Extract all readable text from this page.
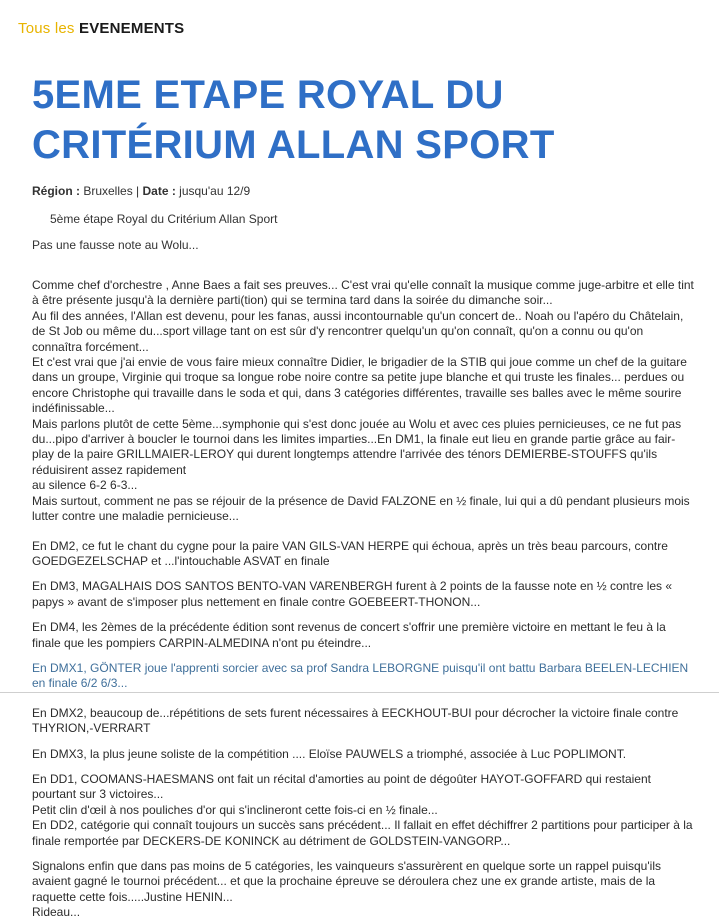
Tous les EVENEMENTS
5EME ETAPE ROYAL DU CRITÉRIUM ALLAN SPORT
Région : Bruxelles | Date : jusqu'au 12/9
5ème étape Royal du Critérium Allan Sport
Pas une fausse note au Wolu...

Comme chef d'orchestre , Anne Baes a fait ses preuves... C'est vrai qu'elle connaît la musique comme juge-arbitre et elle tint à être présente jusqu'à la dernière parti(tion) qui se termina tard dans la soirée du dimanche soir...

Au fil des années, l'Allan est devenu, pour les fanas, aussi incontournable qu'un concert de.. Noah ou l'apéro du Châtelain, de St Job ou même du...sport village tant on est sûr d'y rencontrer quelqu'un qu'on connaît, qu'on a connu ou qu'on connaîtra forcément...

Et c'est vrai que j'ai envie de vous faire mieux connaître Didier, le brigadier de la STIB qui joue comme un chef de la guitare dans un groupe, Virginie qui troque sa longue robe noire contre sa petite jupe blanche et qui truste les finales... perdues ou encore Christophe qui travaille dans le soda et qui, dans 3 catégories différentes, travaille ses balles avec le même sourire indéfinissable...

Mais parlons plutôt de cette 5ème...symphonie qui s'est donc jouée au Wolu et avec ces pluies pernicieuses, ce ne fut pas du...pipo d'arriver à boucler le tournoi dans les limites imparties...En DM1, la finale eut lieu en grande partie grâce au fair-play de la paire GRILLMAIER-LEROY qui durent longtemps attendre l'arrivée des ténors DEMIERBE-STOUFFS qu'ils réduisirent assez rapidement

au silence 6-2 6-3...

Mais surtout, comment ne pas se réjouir de la présence de David FALZONE en ½ finale, lui qui a dû pendant plusieurs mois lutter contre une maladie pernicieuse...

En DM2, ce fut le chant du cygne pour la paire VAN GILS-VAN HERPE qui échoua, après un très beau parcours, contre GOEDGEZELSCHAP et ...l'intouchable ASVAT en finale

En DM3, MAGALHAIS DOS SANTOS BENTO-VAN VARENBERGH furent à 2 points de la fausse note en ½ contre les « papys » avant de s'imposer plus nettement en finale contre GOEBEERT-THONON...

En DM4, les 2èmes de la précédente édition sont revenus de concert s'offrir une première victoire en mettant le feu à la finale que les pompiers CARPIN-ALMEDINA n'ont pu éteindre...

En DMX1, GÖNTER joue l'apprenti sorcier avec sa prof Sandra LEBORGNE puisqu'il ont battu Barbara BEELEN-LECHIEN en finale 6/2 6/3...

En DMX2, beaucoup de...répétitions de sets furent nécessaires à EECKHOUT-BUI pour décrocher la victoire finale contre THYRION,-VERRART

En DMX3, la plus jeune soliste de la compétition .... Eloïse PAUWELS a triomphé, associée à Luc POPLIMONT.

En DD1, COOMANS-HAESMANS ont fait un récital d'amorties au point de dégoûter HAYOT-GOFFARD qui restaient pourtant sur 3 victoires...

Petit clin d'œil à nos pouliches d'or qui s'inclineront cette fois-ci en ½ finale...

En DD2, catégorie qui connaît toujours un succès sans précédent... Il fallait en effet déchiffrer 2 partitions pour participer à la finale remportée par DECKERS-DE KONINCK au détriment de GOLDSTEIN-VANGORP...

Signalons enfin que dans pas moins de 5 catégories, les vainqueurs s'assurèrent en quelque sorte un rappel puisqu'ils avaient gagné le tournoi précédent... et que la prochaine épreuve se déroulera chez une ex grande artiste, mais de la raquette cette fois.....Justine HENIN...

Rideau...
